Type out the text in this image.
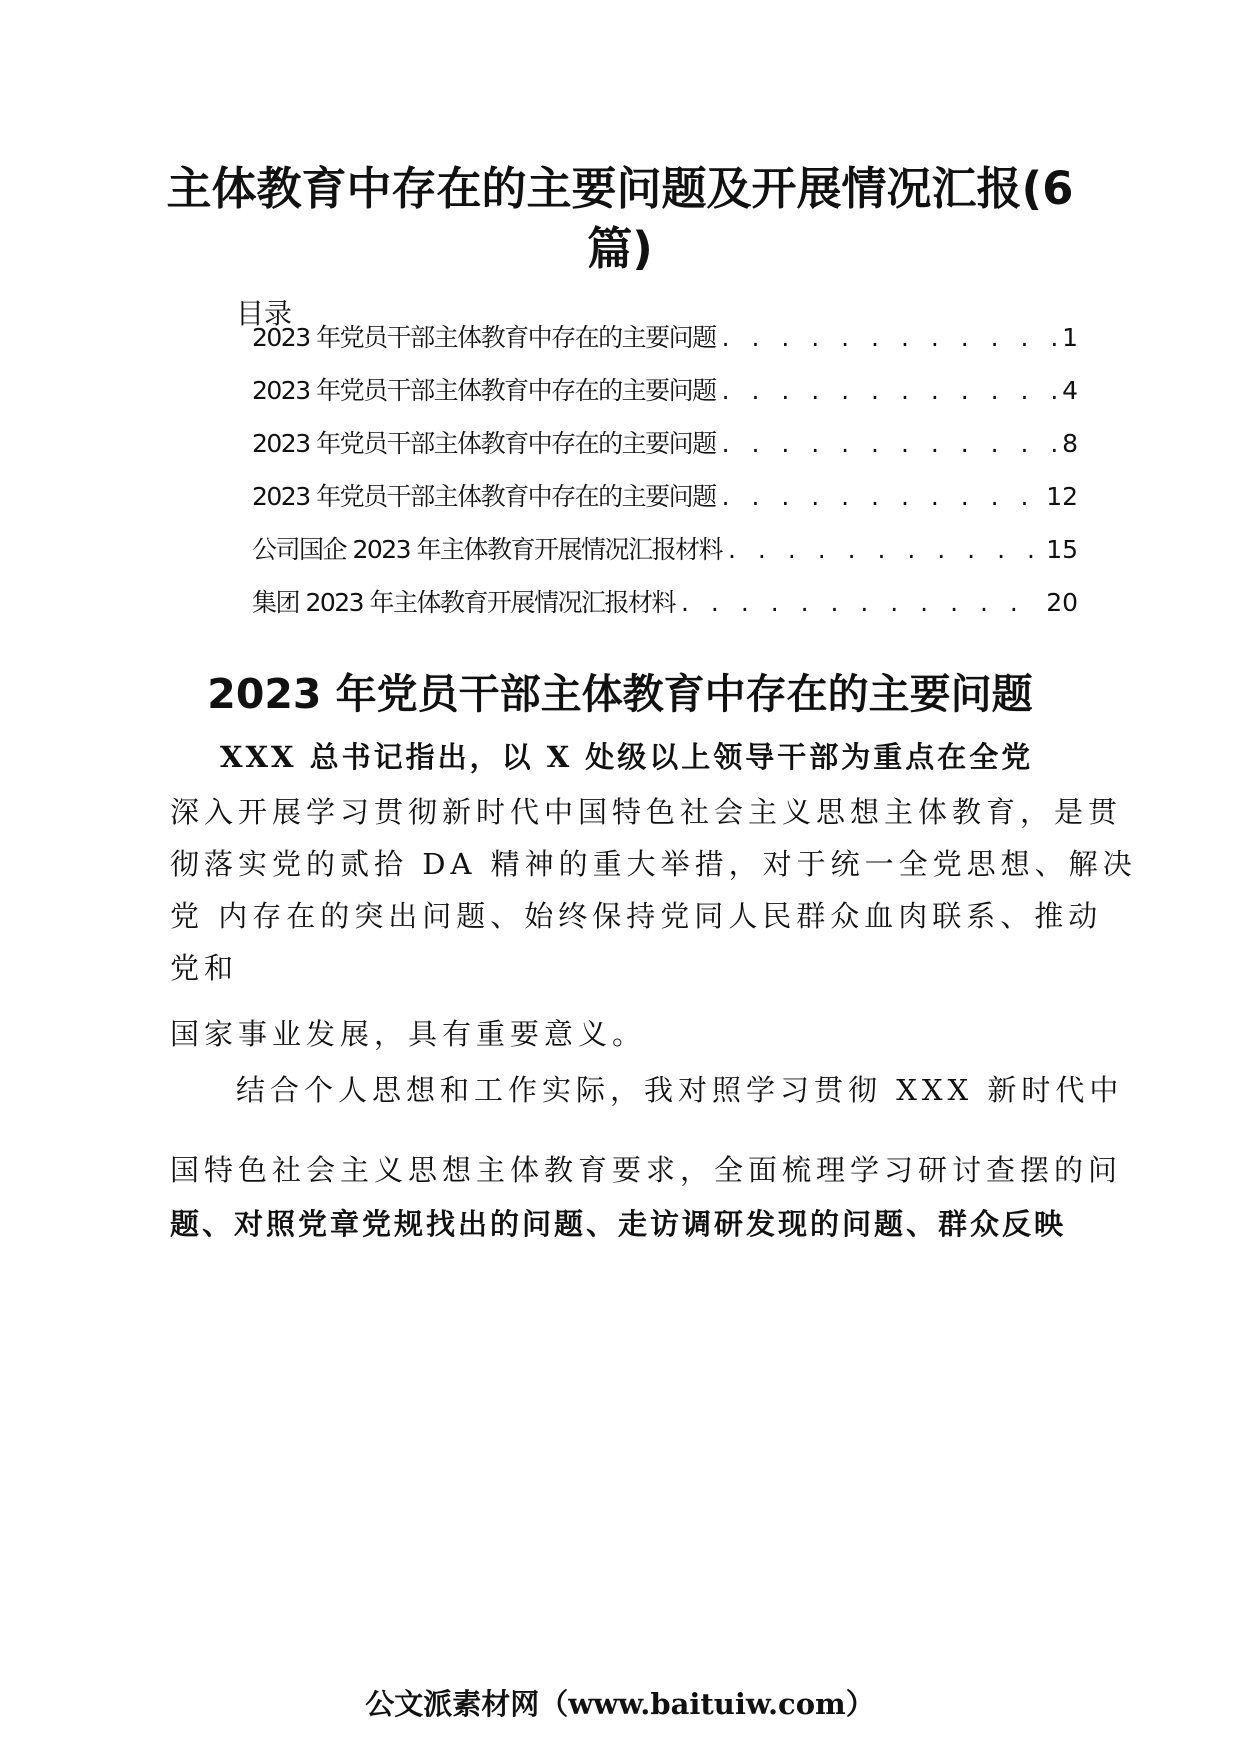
主体教育中存在的主要问题及开展情况汇报(6
篇)
目录
2023 年党员干部主体教育中存在的主要问题 . . .	1
2023 年党员干部主体教育中存在的主要问题 . . .	4
2023 年党员干部主体教育中存在的主要问题 . . .	8
2023 年党员干部主体教育中存在的主要问题 . . .	12
公司国企 2023 年主体教育开展情况汇报材料 . . .	15
集团 2023 年主体教育开展情况汇报材料 . . .	20
2023 年党员干部主体教育中存在的主要问题
XXX 总书记指出，以 X 处级以上领导干部为重点在全党
深入开展学习贯彻新时代中国特色社会主义思想主体教育，是贯
彻落实党的贰拾 DA 精神的重大举措，对于统一全党思想、解决
党 内存在的突出问题、始终保持党同人民群众血肉联系、推动
党和
国家事业发展，具有重要意义。
结合个人思想和工作实际，我对照学习贯彻 XXX 新时代中
国特色社会主义思想主体教育要求，全面梳理学习研讨查摆的问
题、对照党章党规找出的问题、走访调研发现的问题、群众反映
公文派素材网（www.baituiw.com）
